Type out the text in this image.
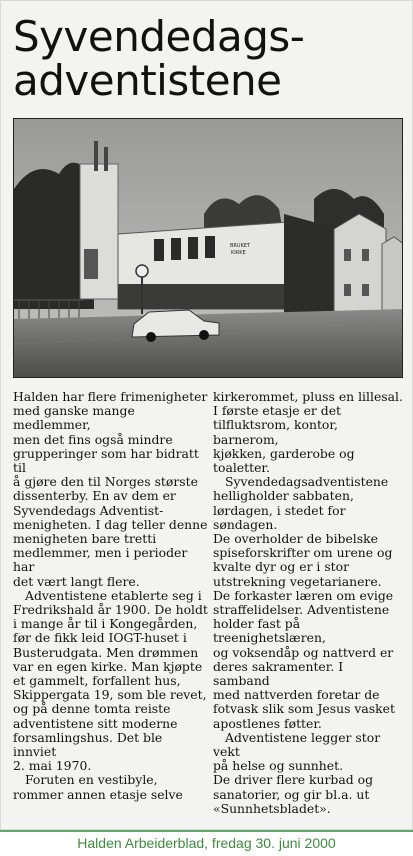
Syvendedags-
adventistene
BRUKET
KIRKE

Halden har flere frimenigheter
med ganske mange medlemmer,
men det fins også mindre
grupperinger som har bidratt til
å gjøre den til Norges største
dissenterby. En av dem er
Syvendedags Adventist-
menigheten. I dag teller denne
menigheten bare tretti
medlemmer, men i perioder har
det vært langt flere.

Adventistene etablerte seg i
Fredrikshald år 1900. De holdt
i mange år til i Kongegården,
før de fikk leid IOGT-huset i
Busterudgata. Men drømmen
var en egen kirke. Man kjøpte
et gammelt, forfallent hus,
Skippergata 19, som ble revet,
og på denne tomta reiste
adventistene sitt moderne
forsamlingshus. Det ble innviet
2. mai 1970.

Foruten en vestibyle,
rommer annen etasje selve

kirkerommet, pluss en lillesal.
I første etasje er det
tilfluktsrom, kontor, barnerom,
kjøkken, garderobe og
toaletter.

Syvendedagsadventistene
helligholder sabbaten,
lørdagen, i stedet for søndagen.
De overholder de bibelske
spiseforskrifter om urene og
kvalte dyr og er i stor
utstrekning vegetarianere.
De forkaster læren om evige
straffelidelser. Adventistene
holder fast på treenighetslæren,
og voksendåp og nattverd er
deres sakramenter. I samband
med nattverden foretar de
fotvask slik som Jesus vasket
apostlenes føtter.

Adventistene legger stor vekt
på helse og sunnhet.
De driver flere kurbad og
sanatorier, og gir bl.a. ut
«Sunnhetsbladet».

Halden Arbeiderblad, fredag 30. juni 2000
